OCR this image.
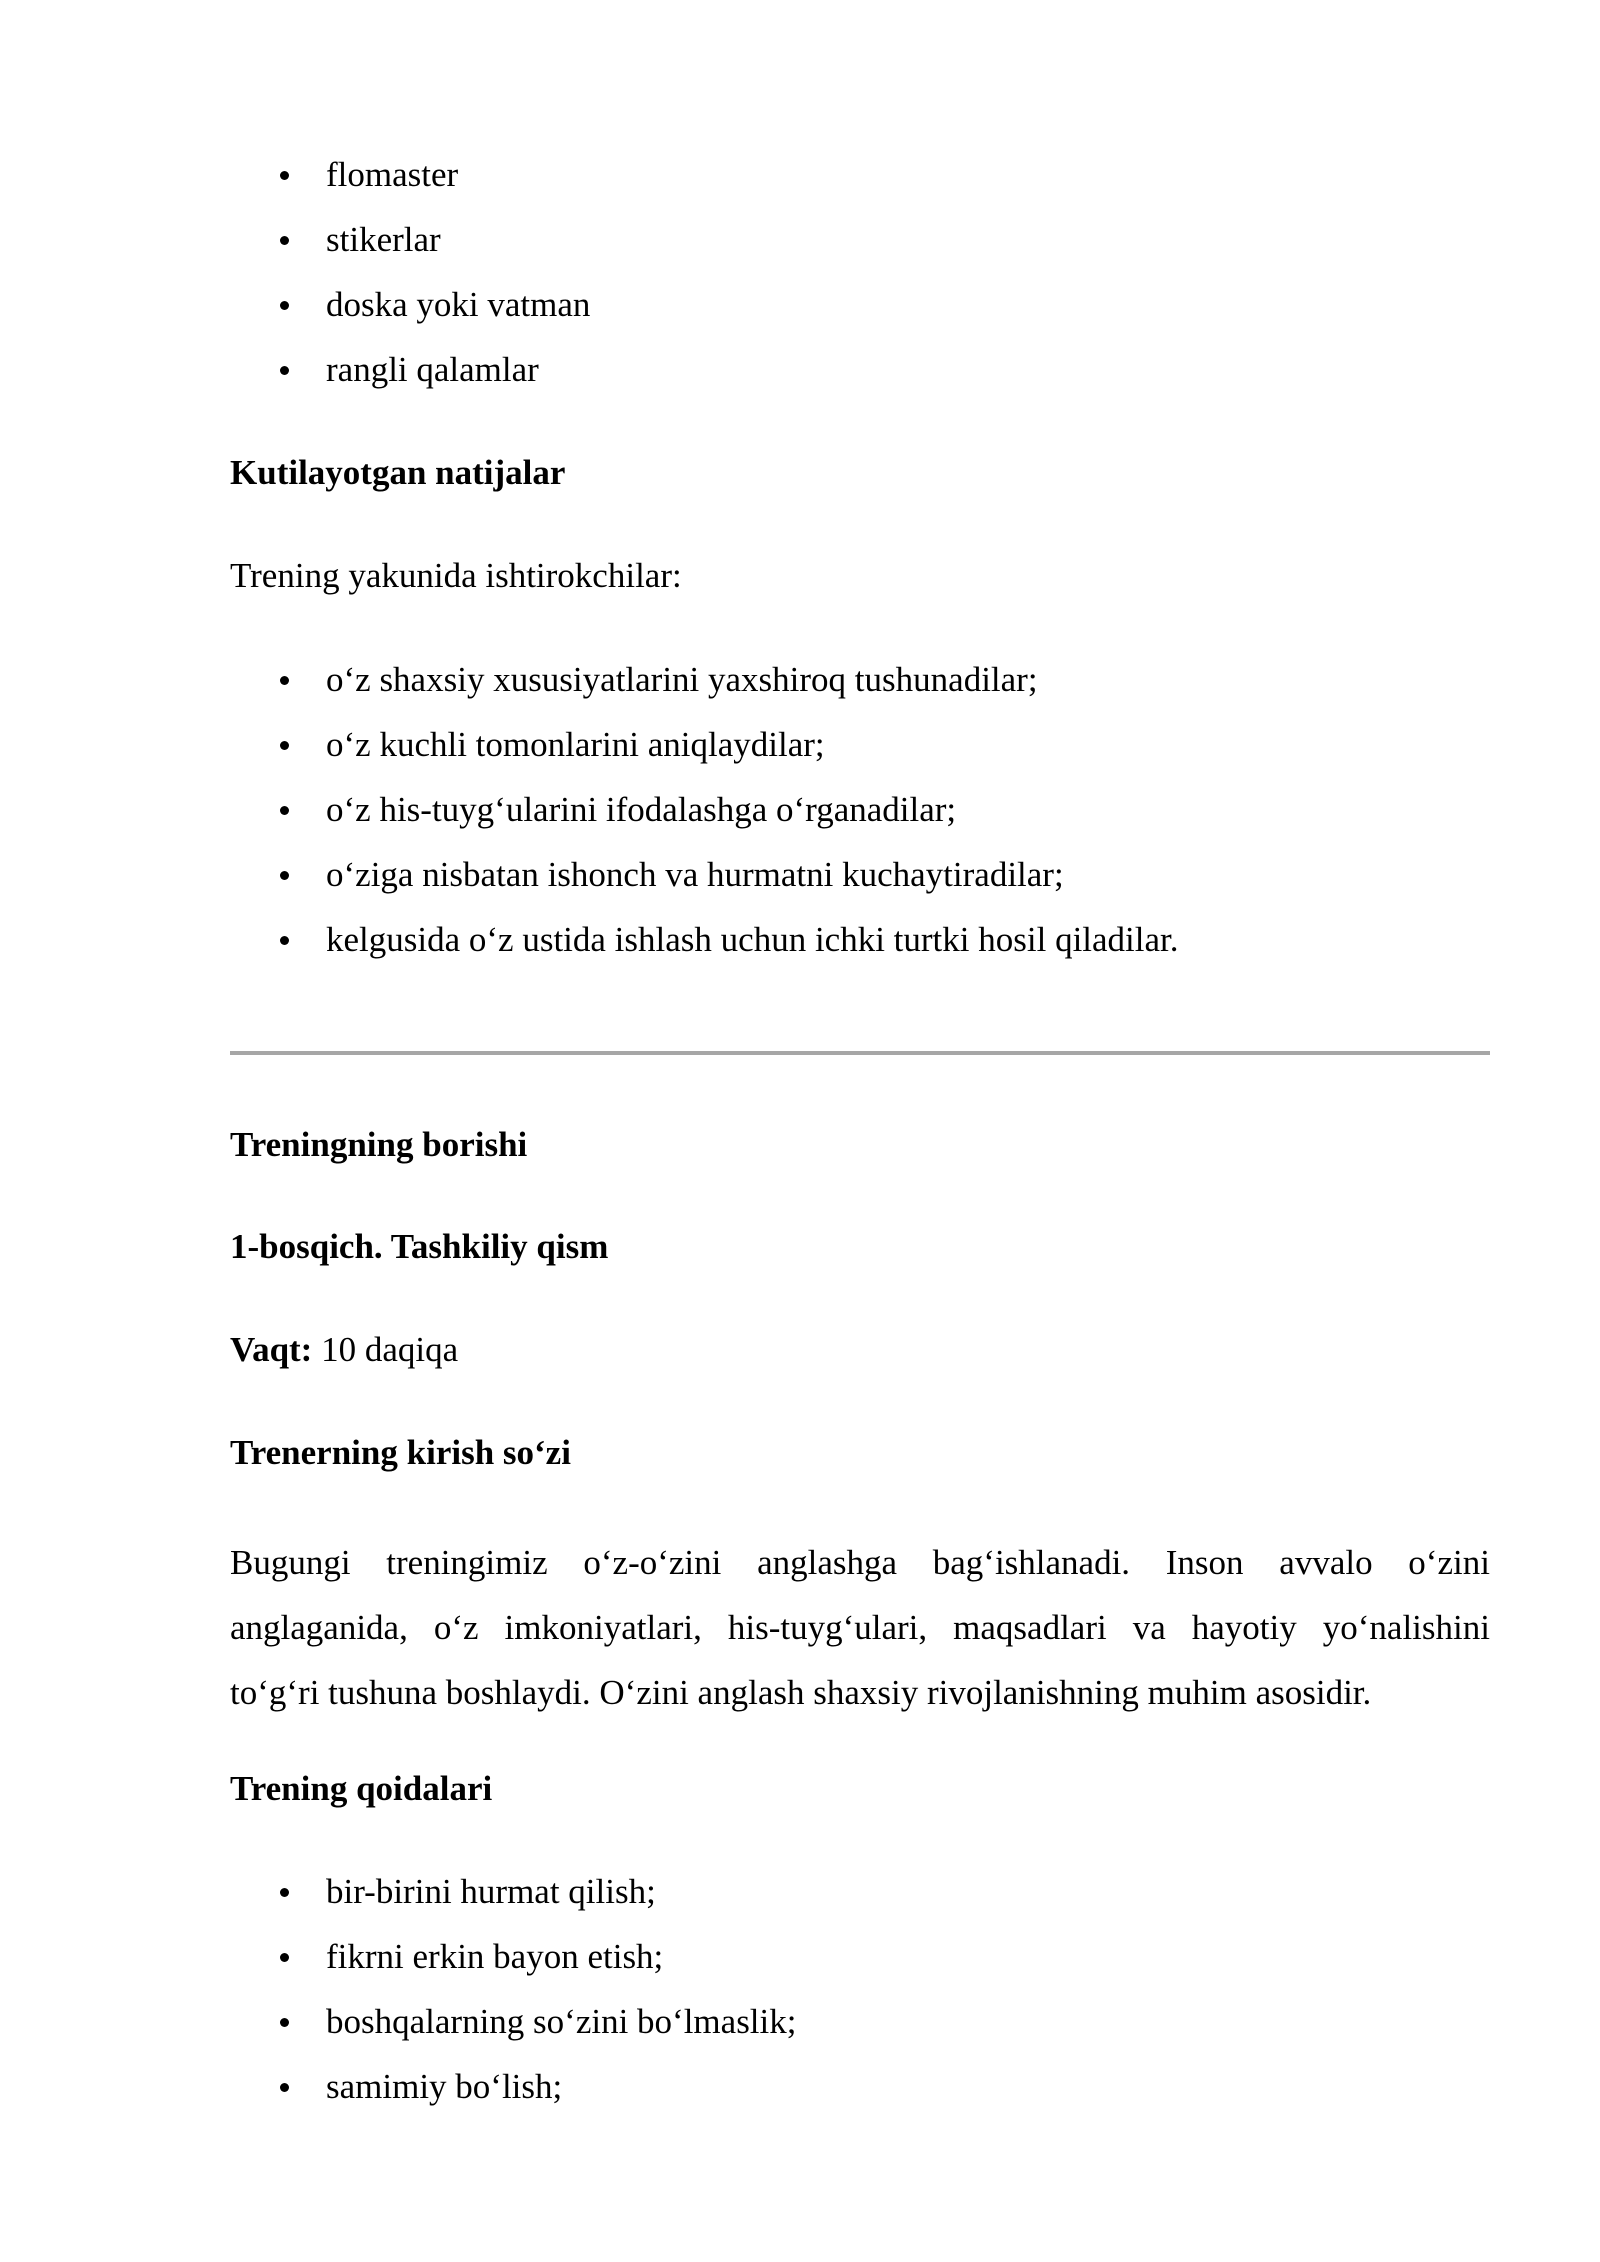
flomaster
stikerlar
doska yoki vatman
rangli qalamlar
Kutilayotgan natijalar
Trening yakunida ishtirokchilar:
o‘z shaxsiy xususiyatlarini yaxshiroq tushunadilar;
o‘z kuchli tomonlarini aniqlaydilar;
o‘z his-tuyg‘ularini ifodalashga o‘rganadilar;
o‘ziga nisbatan ishonch va hurmatni kuchaytiradilar;
kelgusida o‘z ustida ishlash uchun ichki turtki hosil qiladilar.
Treningning borishi
1-bosqich. Tashkiliy qism
Vaqt: 10 daqiqa
Trenerning kirish so‘zi
Bugungi treningimiz o‘z-o‘zini anglashga bag‘ishlanadi. Inson avvalo o‘zini
anglaganida, o‘z imkoniyatlari, his-tuyg‘ulari, maqsadlari va hayotiy yo‘nalishini
to‘g‘ri tushuna boshlaydi. O‘zini anglash shaxsiy rivojlanishning muhim asosidir.
Trening qoidalari
bir-birini hurmat qilish;
fikrni erkin bayon etish;
boshqalarning so‘zini bo‘lmaslik;
samimiy bo‘lish;
